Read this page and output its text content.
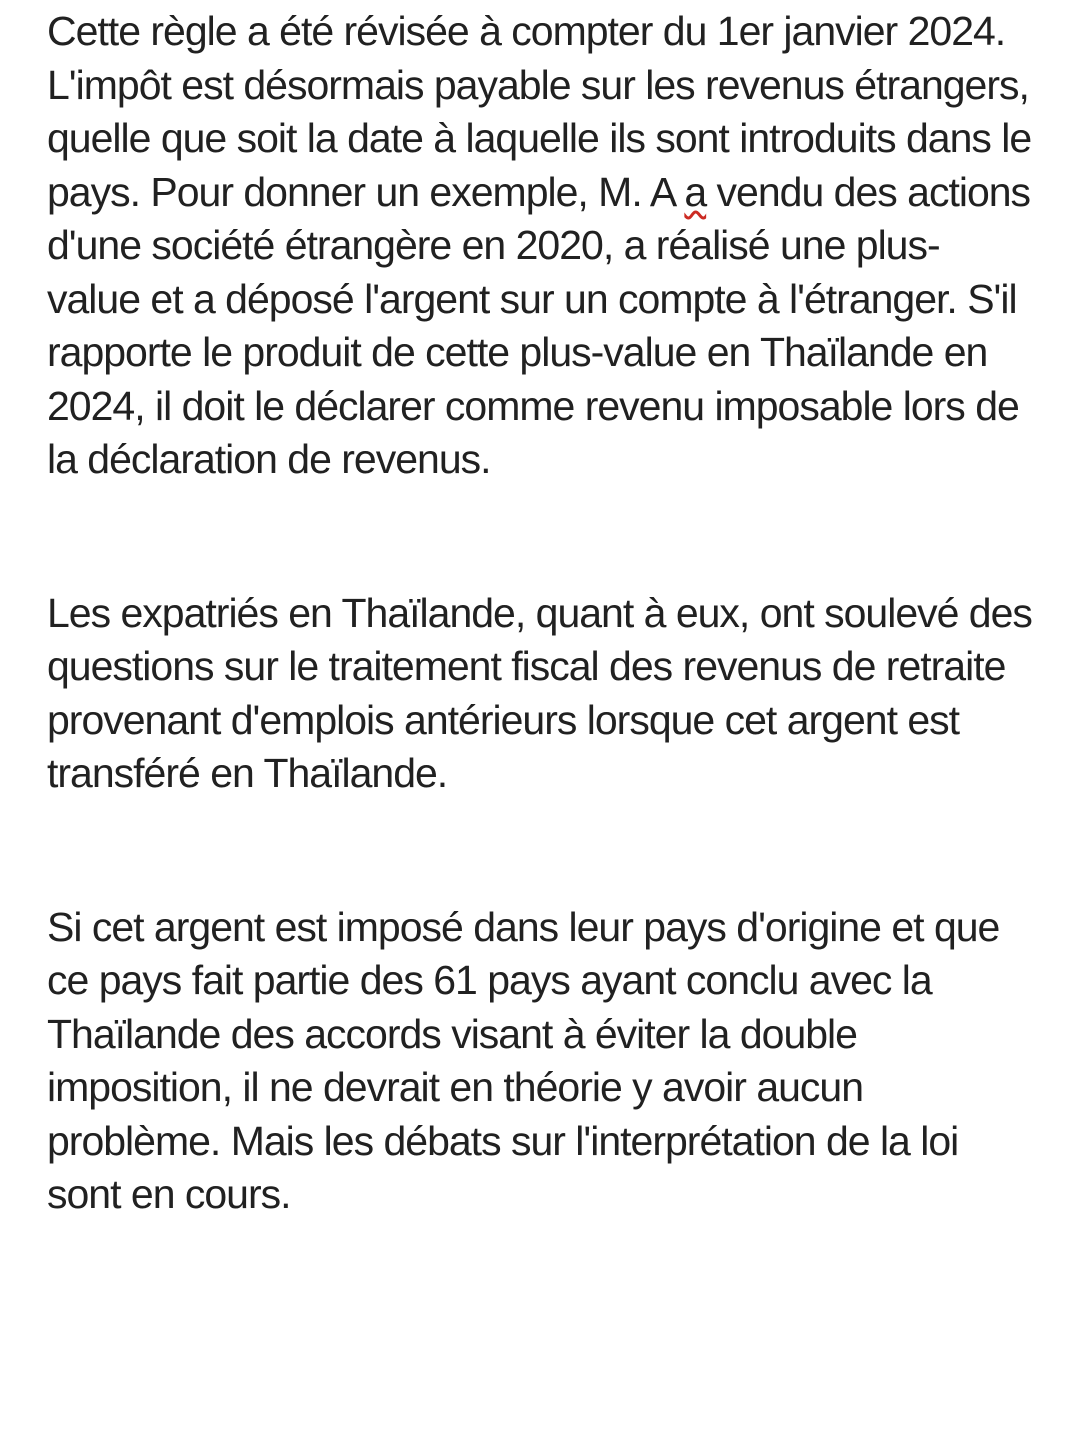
Cette règle a été révisée à compter du 1er janvier 2024. L'impôt est désormais payable sur les revenus étrangers, quelle que soit la date à laquelle ils sont introduits dans le pays. Pour donner un exemple, M. A a vendu des actions d'une société étrangère en 2020, a réalisé une plus-value et a déposé l'argent sur un compte à l'étranger. S'il rapporte le produit de cette plus-value en Thaïlande en 2024, il doit le déclarer comme revenu imposable lors de la déclaration de revenus.

Les expatriés en Thaïlande, quant à eux, ont soulevé des questions sur le traitement fiscal des revenus de retraite provenant d'emplois antérieurs lorsque cet argent est transféré en Thaïlande.

Si cet argent est imposé dans leur pays d'origine et que ce pays fait partie des 61 pays ayant conclu avec la Thaïlande des accords visant à éviter la double imposition, il ne devrait en théorie y avoir aucun problème. Mais les débats sur l'interprétation de la loi sont en cours.
